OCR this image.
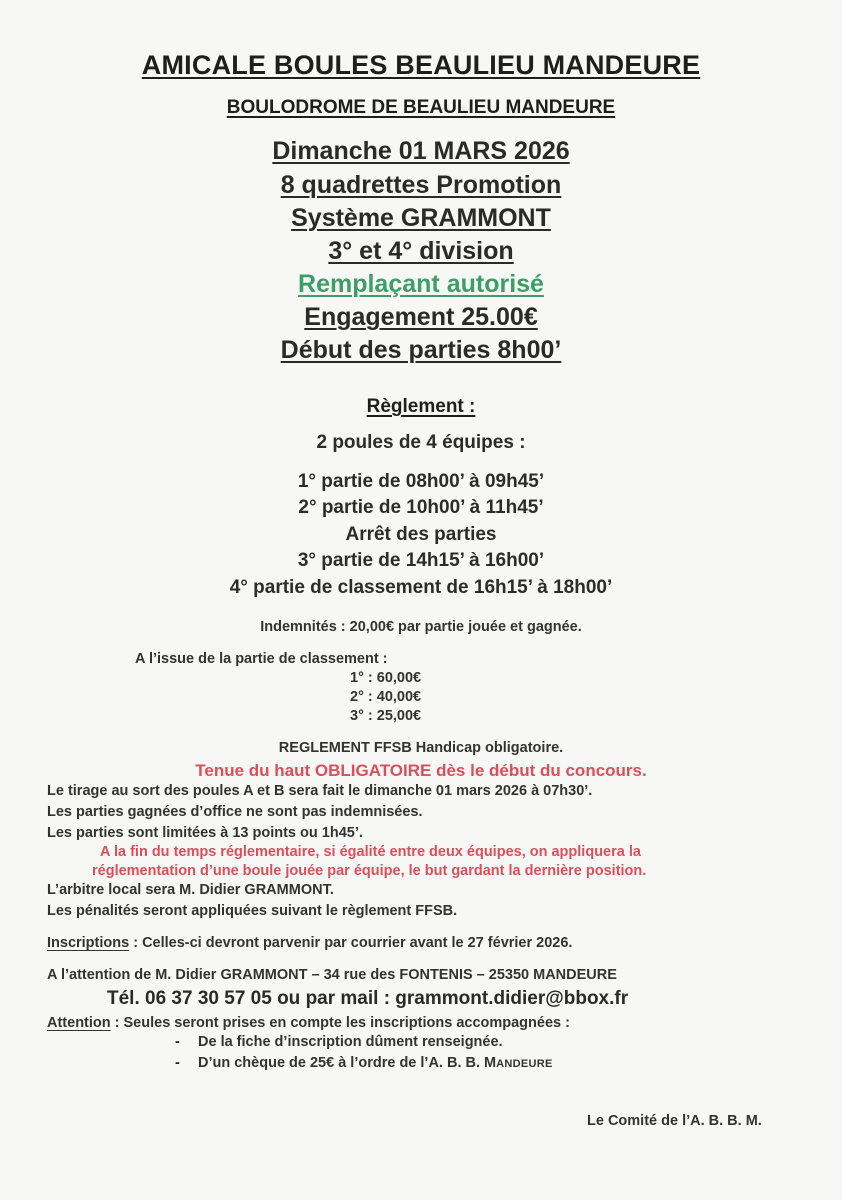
AMICALE BOULES BEAULIEU MANDEURE
BOULODROME DE BEAULIEU MANDEURE
Dimanche 01 MARS 2026
8 quadrettes Promotion
Système GRAMMONT
3° et 4° division
Remplaçant autorisé
Engagement 25.00€
Début des parties 8h00’
Règlement :
2 poules de 4 équipes :
1° partie de 08h00’ à 09h45’
2° partie de 10h00’ à 11h45’
Arrêt des parties
3° partie de 14h15’ à 16h00’
4° partie de classement de 16h15’ à 18h00’
Indemnités : 20,00€ par partie jouée et gagnée.
A l’issue de la partie de classement :
1° : 60,00€
2° : 40,00€
3° : 25,00€
REGLEMENT FFSB Handicap obligatoire.
Tenue du haut OBLIGATOIRE dès le début du concours.
Le tirage au sort des poules A et B sera fait le dimanche 01 mars 2026 à 07h30’.
Les parties gagnées d’office ne sont pas indemnisées.
Les parties sont limitées à 13 points ou 1h45’.
A la fin du temps réglementaire, si égalité entre deux équipes, on appliquera la
réglementation d’une boule jouée par équipe, le but gardant la dernière position.
L’arbitre local sera M. Didier GRAMMONT.
Les pénalités seront appliquées suivant le règlement FFSB.
Inscriptions : Celles-ci devront parvenir par courrier avant le 27 février 2026.
A l’attention de M. Didier GRAMMONT – 34 rue des FONTENIS – 25350 MANDEURE
Tél. 06 37 30 57 05 ou par mail : grammont.didier@bbox.fr
Attention : Seules seront prises en compte les inscriptions accompagnées :
- De la fiche d’inscription dûment renseignée.
- D’un chèque de 25€ à l’ordre de l’A. B. B. MANDEURE
Le Comité de l’A. B. B. M.
